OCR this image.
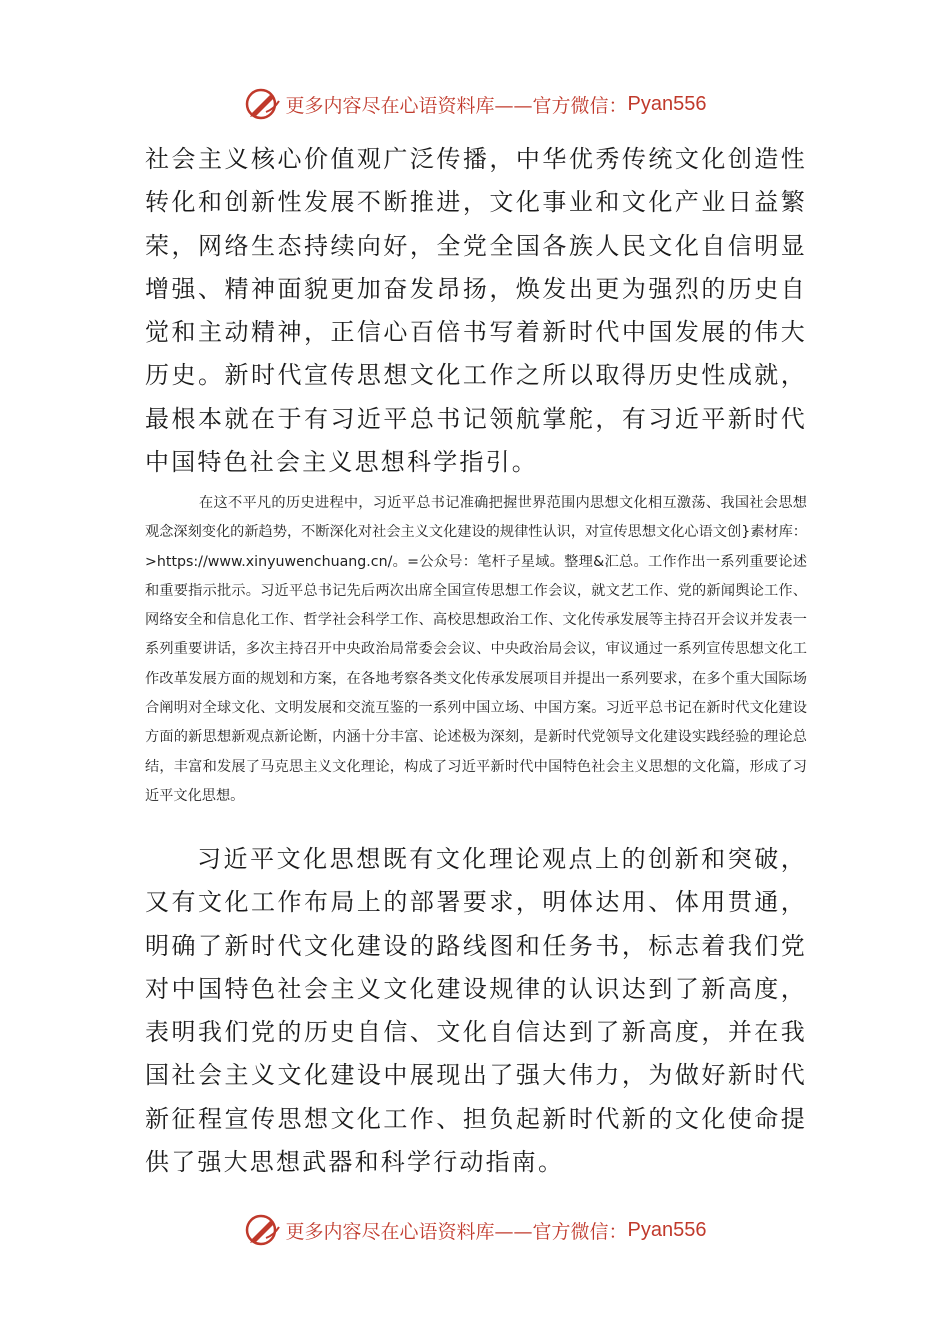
更多内容尽在心语资料库—— 官方微信： Pyan556

社会主义核心价值观广泛传播，中华优秀传统文化创造性转化和创新性发展不断推进，文化事业和文化产业日益繁荣，网络生态持续向好，全党全国各族人民文化自信明显增强、精神面貌更加奋发昂扬，焕发出更为强烈的历史自觉和主动精神，正信心百倍书写着新时代中国发展的伟大历史。新时代宣传思想文化工作之所以取得历史性成就，最根本就在于有习近平总书记领航掌舵，有习近平新时代中国特色社会主义思想科学指引。

在这不平凡的历史进程中，习近平总书记准确把握世界范围内思想文化相互激荡、我国社会思想观念深刻变化的新趋势，不断深化对社会主义文化建设的规律性认识，对宣传思想文化心语文创}素材库：>https://www.xinyuwenchuang.cn/。=公众号：笔杆子星域。整理&汇总。工作作出一系列重要论述和重要指示批示。习近平总书记先后两次出席全国宣传思想工作会议，就文艺工作、党的新闻舆论工作、网络安全和信息化工作、哲学社会科学工作、高校思想政治工作、文化传承发展等主持召开会议并发表一系列重要讲话，多次主持召开中央政治局常委会会议、中央政治局会议，审议通过一系列宣传思想文化工作改革发展方面的规划和方案，在各地考察各类文化传承发展项目并提出一系列要求，在多个重大国际场合阐明对全球文化、文明发展和交流互鉴的一系列中国立场、中国方案。习近平总书记在新时代文化建设方面的新思想新观点新论断，内涵十分丰富、论述极为深刻，是新时代党领导文化建设实践经验的理论总结，丰富和发展了马克思主义文化理论，构成了习近平新时代中国特色社会主义思想的文化篇，形成了习近平文化思想。

习近平文化思想既有文化理论观点上的创新和突破，又有文化工作布局上的部署要求，明体达用、体用贯通，明确了新时代文化建设的路线图和任务书，标志着我们党对中国特色社会主义文化建设规律的认识达到了新高度，表明我们党的历史自信、文化自信达到了新高度，并在我国社会主义文化建设中展现出了强大伟力，为做好新时代新征程宣传思想文化工作、担负起新时代新的文化使命提供了强大思想武器和科学行动指南。

更多内容尽在心语资料库—— 官方微信： Pyan556
